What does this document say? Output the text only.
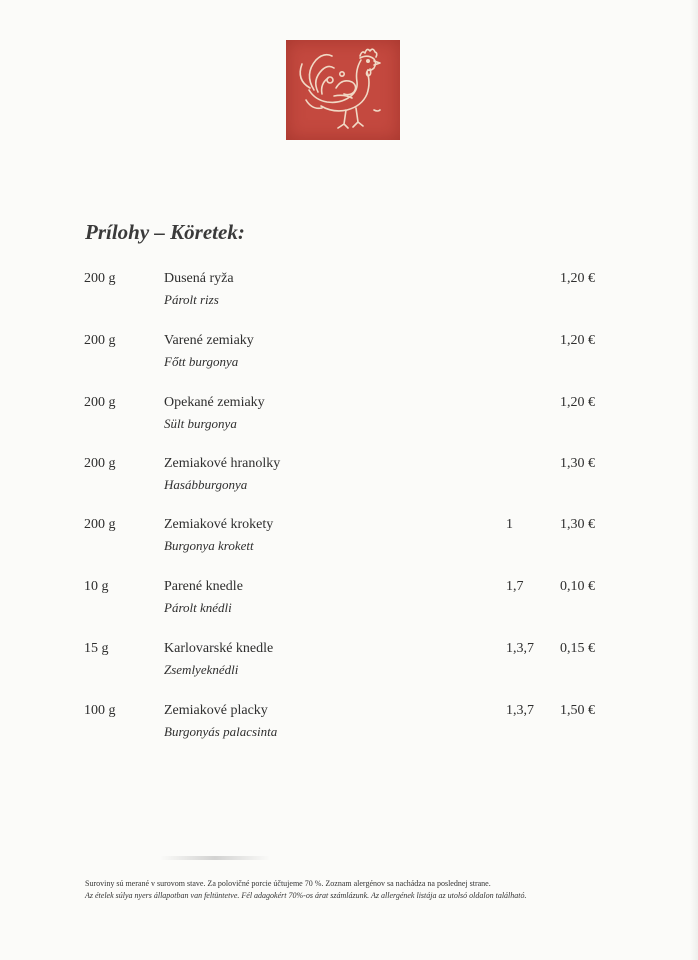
Prílohy – Köretek:
200 g	Dusená ryža
Párolt rizs
1,20 €
200 g	Varené zemiaky
Főtt burgonya
1,20 €
200 g	Opekané zemiaky
Sült burgonya
1,20 €
200 g	Zemiakové hranolky
Hasábburgonya
1,30 €
200 g	Zemiakové krokety
Burgonya krokett
1	1,30 €
10 g	Parené knedle
Párolt knédli
1,7	0,10 €
15 g	Karlovarské knedle
Zsemlyeknédli
1,3,7 0,15 €
100 g	Zemiakové placky
Burgonyás palacsinta
1,3,7 1,50 €
Suroviny sú merané v surovom stave. Za polovičné porcie účtujeme 70 %. Zoznam alergénov sa nachádza na poslednej strane.
Az ételek súlya nyers állapotban van feltüntetve. Fél adagokért 70%-os árat számlázunk. Az allergének listája az utolsó oldalon található.
